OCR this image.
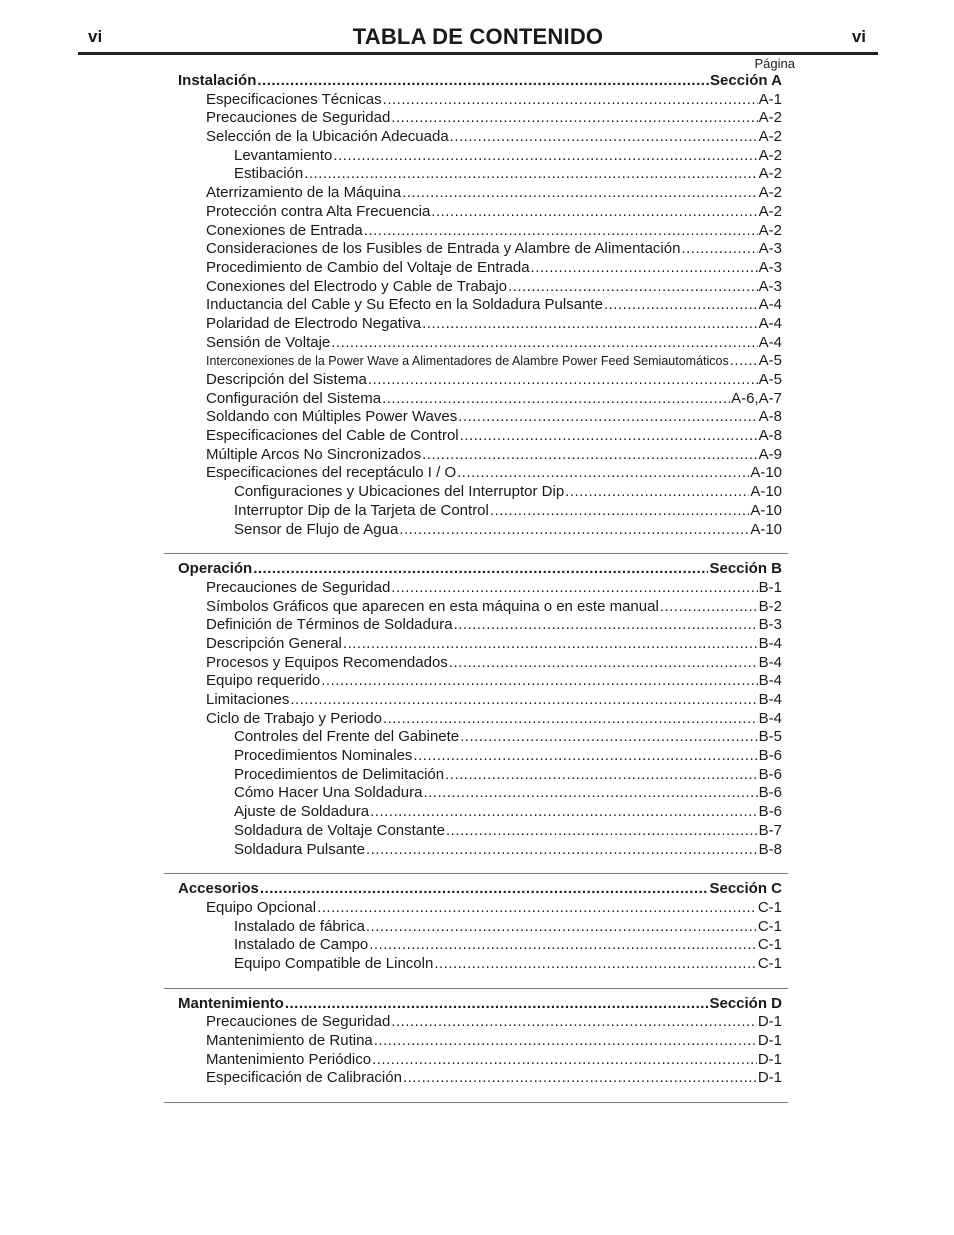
vi	TABLA DE CONTENIDO	vi
Página
Instalación .....	Sección A
Especificaciones Técnicas .....	A-1
Precauciones de Seguridad .....	A-2
Selección de la Ubicación Adecuada .....	A-2
Levantamiento .....	A-2
Estibación .....	A-2
Aterrizamiento de la Máquina .....	A-2
Protección contra Alta Frecuencia .....	A-2
Conexiones de Entrada .....	A-2
Consideraciones de los Fusibles de Entrada y Alambre de Alimentación .....	A-3
Procedimiento de Cambio del Voltaje de Entrada .....	A-3
Conexiones del Electrodo y Cable de Trabajo .....	A-3
Inductancia del Cable y Su Efecto en la Soldadura Pulsante .....	A-4
Polaridad de Electrodo Negativa .....	A-4
Sensión de Voltaje .....	A-4
Interconexiones de la Power Wave a Alimentadores de Alambre Power Feed Semiautomáticos ..... A-5
Descripción del Sistema .....	A-5
Configuración del Sistema .....	A-6,A-7
Soldando con Múltiples Power Waves .....	A-8
Especificaciones del Cable de Control .....	A-8
Múltiple Arcos No Sincronizados .....	A-9
Especificaciones del receptáculo I / O .....	A-10
Configuraciones y Ubicaciones del Interruptor Dip .....	A-10
Interruptor Dip de la Tarjeta de Control .....	A-10
Sensor de Flujo de Agua .....	A-10
Operación .....	Sección B
Precauciones de Seguridad .....	B-1
Símbolos Gráficos que aparecen en esta máquina o en este manual .....	B-2
Definición de Términos de Soldadura .....	B-3
Descripción General .....	B-4
Procesos y Equipos Recomendados .....	B-4
Equipo requerido .....	B-4
Limitaciones .....	B-4
Ciclo de Trabajo y Periodo .....	B-4
Controles del Frente del Gabinete .....	B-5
Procedimientos Nominales .....	B-6
Procedimientos de Delimitación .....	B-6
Cómo Hacer Una Soldadura .....	B-6
Ajuste de Soldadura .....	B-6
Soldadura de Voltaje Constante .....	B-7
Soldadura Pulsante .....	B-8
Accesorios .....	Sección C
Equipo Opcional .....	C-1
Instalado de fábrica .....	C-1
Instalado de Campo .....	C-1
Equipo Compatible de Lincoln .....	C-1
Mantenimiento .....	Sección D
Precauciones de Seguridad .....	D-1
Mantenimiento de Rutina .....	D-1
Mantenimiento Periódico .....	D-1
Especificación de Calibración .....	D-1
